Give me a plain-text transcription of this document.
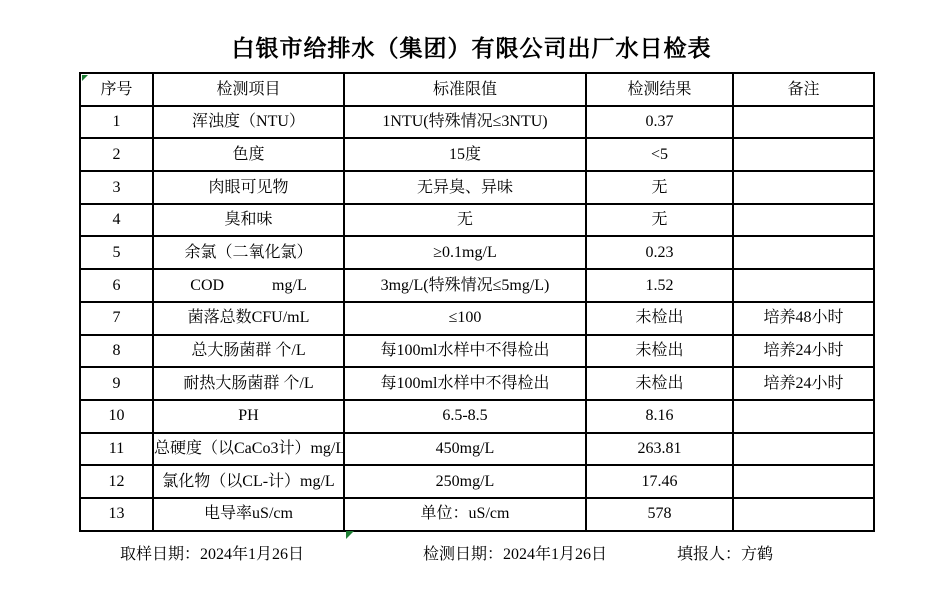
白银市给排水（集团）有限公司出厂水日检表
序号	检测项目	标准限值	检测结果	备注
1	浑浊度（NTU）	1NTU(特殊情况≤3NTU)	0.37	
2	色度	15度	<5	
3	肉眼可见物	无异臭、异味	无	
4	臭和味	无	无	
5	余氯（二氧化氯）	≥0.1mg/L	0.23	
6	COD            mg/L	3mg/L(特殊情况≤5mg/L)	1.52	
7	菌落总数CFU/mL	≤100	未检出	培养48小时
8	总大肠菌群 个/L	每100ml水样中不得检出	未检出	培养24小时
9	耐热大肠菌群 个/L	每100ml水样中不得检出	未检出	培养24小时
10	PH	6.5-8.5	8.16	
11	总硬度（以CaCo3计）mg/L	450mg/L	263.81	
12	氯化物（以CL-计）mg/L	250mg/L	17.46	
13	电导率uS/cm	单位：uS/cm	578	

取样日期：2024年1月26日

	检测日期：2024年1月26日

	填报人：方鹤
